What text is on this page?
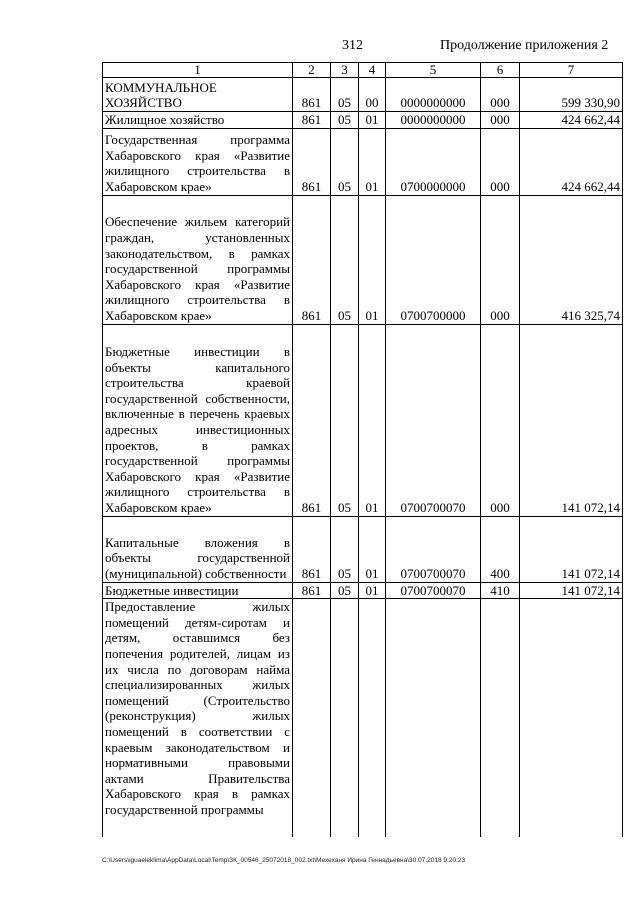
312	Продолжение приложения 2
1	2	3	4	5	6	7
КОММУНАЛЬНОЕ ХОЗЯЙСТВО	861	05	00	0000000000	000	599 330,90
Жилищное хозяйство	861	05	01	0000000000	000	424 662,44
Государственная программа Хабаровского края «Развитие жилищного строительства в Хабаровском крае»	861	05	01	0700000000	000	424 662,44
Обеспечение жильем категорий граждан, установленных законодательством, в рамках государственной программы Хабаровского края «Развитие жилищного строительства в Хабаровском крае»	861	05	01	0700700000	000	416 325,74
Бюджетные инвестиции в объекты капитального строительства краевой государственной собственности, включенные в перечень краевых адресных инвестиционных проектов, в рамках государственной программы Хабаровского края «Развитие жилищного строительства в Хабаровском крае»	861	05	01	0700700070	000	141 072,14
Капитальные вложения в объекты государственной (муниципальной) собственности	861	05	01	0700700070	400	141 072,14
Бюджетные инвестиции	861	05	01	0700700070	410	141 072,14
Предоставление жилых помещений детям-сиротам и детям, оставшимся без попечения родителей, лицам из их числа по договорам найма специализированных жилых помещений (Строительство (реконструкция) жилых помещений в соответствии с краевым законодательством и нормативными правовыми актами Правительства Хабаровского края в рамках государственной программы						
C:\Users\iguaeleklima\AppData\Local\Temp\ЗК_00546_25072018_002.txt\Мехеханя Ирина Геннадьевна\30.07.2018 9:20:23
